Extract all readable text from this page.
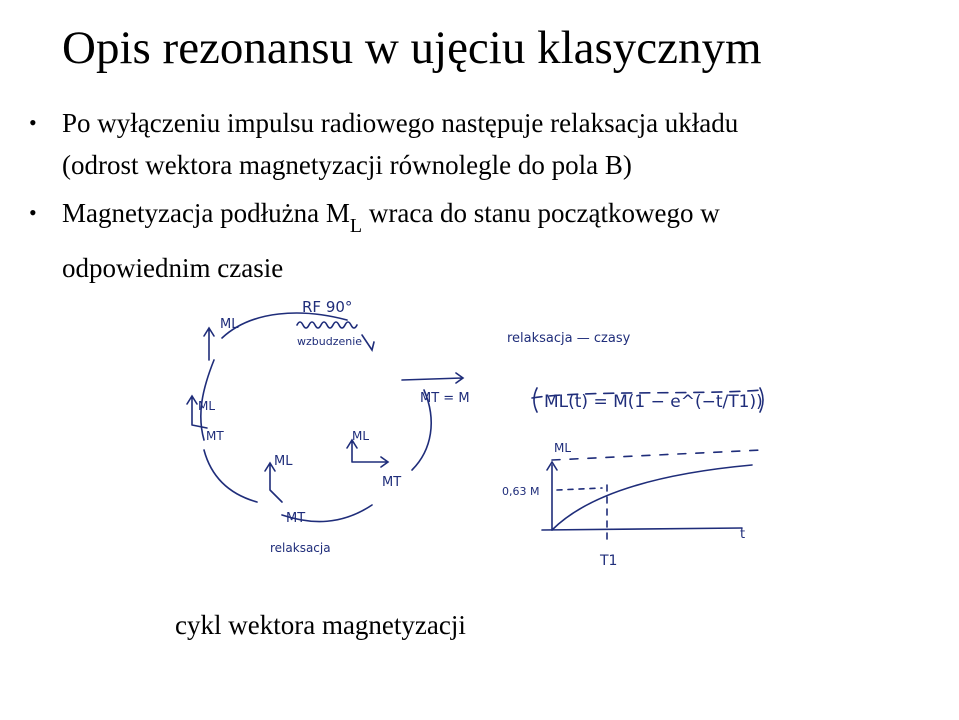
Opis rezonansu w ujęciu klasycznym
• Po wyłączeniu impulsu radiowego następuje relaksacja układu
(odrost wektora magnetyzacji równolegle do pola B)
• Magnetyzacja podłużna $M_L$ wraca do stanu początkowego w
odpowiednim czasie
RF 90°
wzbudzenie
ML
ML
MT
ML
MT
relaksacja
MT = M
ML
MT
relaksacja — czasy
ML(t) = M(1 − e^(−t/T1))
ML
0,63 M
t
T1
cykl wektora magnetyzacji
